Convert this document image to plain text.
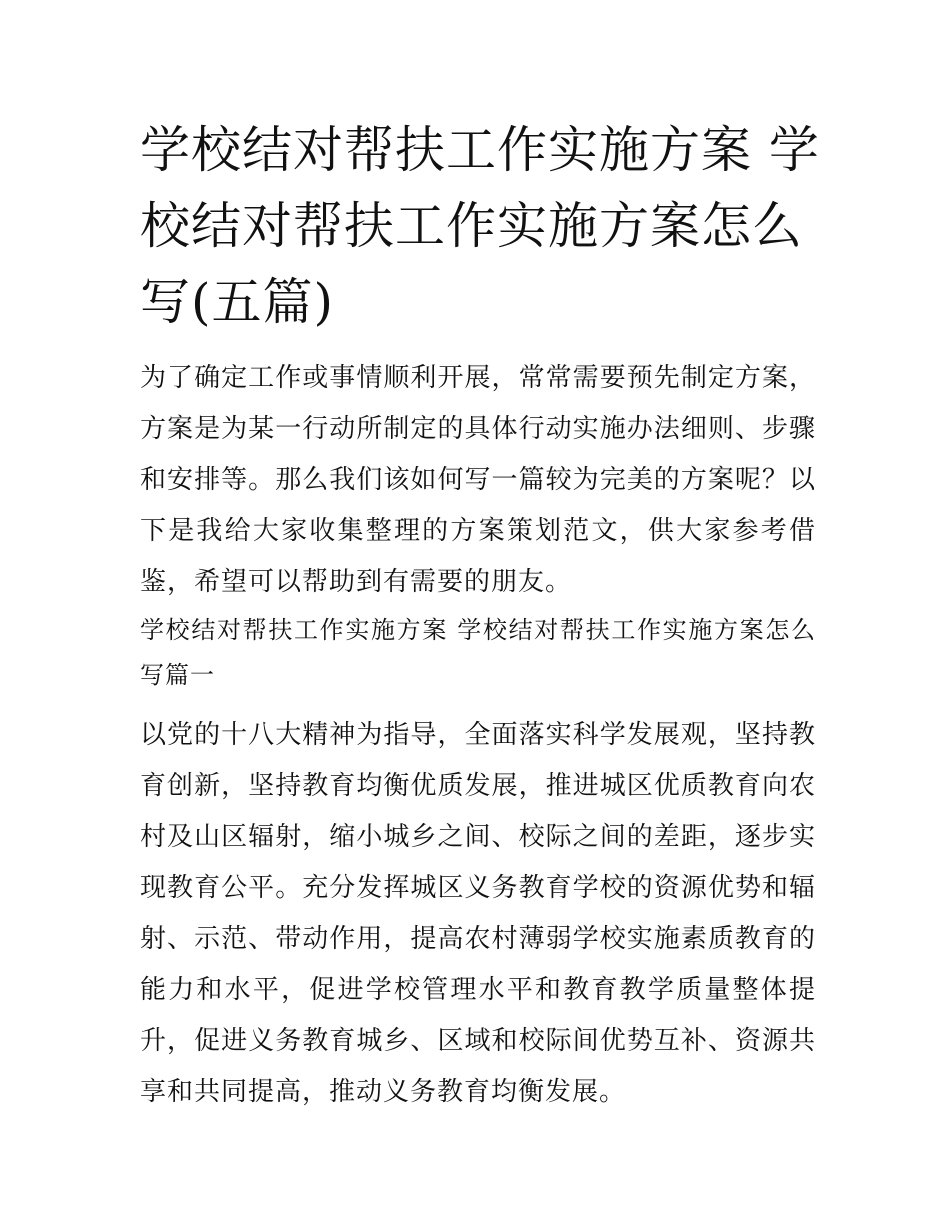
学校结对帮扶工作实施方案 学校结对帮扶工作实施方案怎么写(五篇)

为了确定工作或事情顺利开展，常常需要预先制定方案，方案是为某一行动所制定的具体行动实施办法细则、步骤和安排等。那么我们该如何写一篇较为完美的方案呢？以下是我给大家收集整理的方案策划范文，供大家参考借鉴，希望可以帮助到有需要的朋友。

学校结对帮扶工作实施方案 学校结对帮扶工作实施方案怎么写篇一

以党的十八大精神为指导，全面落实科学发展观，坚持教育创新，坚持教育均衡优质发展，推进城区优质教育向农村及山区辐射，缩小城乡之间、校际之间的差距，逐步实现教育公平。充分发挥城区义务教育学校的资源优势和辐射、示范、带动作用，提高农村薄弱学校实施素质教育的能力和水平，促进学校管理水平和教育教学质量整体提升，促进义务教育城乡、区域和校际间优势互补、资源共享和共同提高，推动义务教育均衡发展。
